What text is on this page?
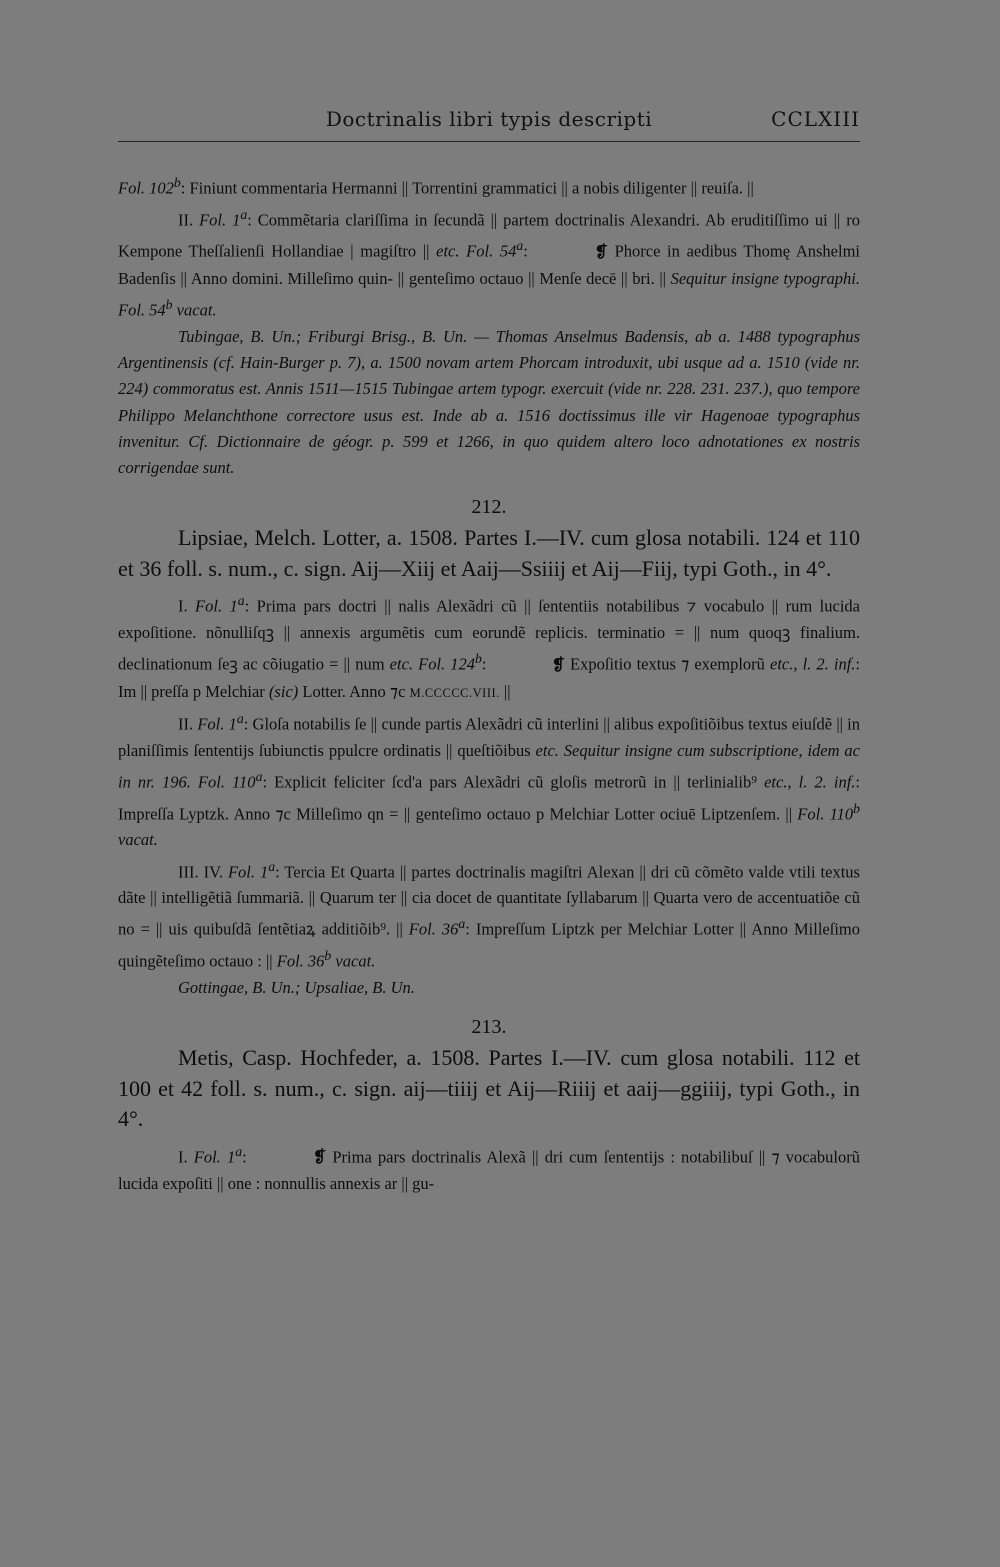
Doctrinalis libri typis descripti	CCLXIII

Fol. 102$^b$: Finiunt commentaria Hermanni || Torrentini grammatici || a nobis diligenter || reuiſa. ||

II. Fol. 1$^a$: Commẽtaria clariſſima in ſecundã || partem doctrinalis Alexandri. Ab eruditiſſimo ui || ro Kempone Theſſalienſi Hollandiae | magiſtro || etc. Fol. 54$^a$:	❡ Phorce in aedibus Thomę Anshelmi Badenſis || Anno domini. Milleſimo quin- || genteſimo octauo || Menſe decē || bri. || Sequitur insigne typographi. Fol. 54$^b$ vacat.

Tubingae, B. Un.; Friburgi Brisg., B. Un. — Thomas Anselmus Badensis, ab a. 1488 typographus Argentinensis (cf. Hain-Burger p. 7), a. 1500 novam artem Phorcam introduxit, ubi usque ad a. 1510 (vide nr. 224) commoratus est. Annis 1511—1515 Tubingae artem typogr. exercuit (vide nr. 228. 231. 237.), quo tempore Philippo Melanchthone correctore usus est. Inde ab a. 1516 doctissimus ille vir Hagenoae typographus invenitur. Cf. Dictionnaire de géogr. p. 599 et 1266, in quo quidem altero loco adnotationes ex nostris corrigendae sunt.

212.

Lipsiae, Melch. Lotter, a. 1508. Partes I.—IV. cum glosa notabili. 124 et 110 et 36 foll. s. num., c. sign. Aij—Xiij et Aaij—Ssiiij et Aij—Fiij, typi Goth., in 4°.

I. Fol. 1$^a$: Prima pars doctri || nalis Alexãdri cũ || ſententiis notabilibus ⁊ vocabulo || rum lucida expoſitione. nõnulliſqꝫ || annexis argumẽtis cum eorundẽ replicis. terminatio = || num quoqꝫ finalium. declinationum ſeꝫ ac cõiugatio = || num etc. Fol. 124$^b$:	❡ Expoſitio textus ⁊ exemplorũ etc., l. 2. inf.: Im || preſſa p Melchiar (sic) Lotter. Anno ⁊c M.CCCCC.VIII. ||

II. Fol. 1$^a$: Gloſa notabilis ſe || cunde partis Alexãdri cũ interlini || alibus expoſitiõibus textus eiuſdẽ || in planiſſimis ſententijs ſubiunctis ppulcre ordinatis || queſtiõibus etc. Sequitur insigne cum subscriptione, idem ac in nr. 196. Fol. 110$^a$: Explicit feliciter ſcd'a pars Alexãdri cũ gloſis metrorũ in || terlinialib⁹ etc., l. 2. inf.: Impreſſa Lyptzk. Anno ⁊c Milleſimo qn = || genteſimo octauo p Melchiar Lotter ociuē Liptzenſem. || Fol. 110$^b$ vacat.

III. IV. Fol. 1$^a$: Tercia Et Quarta || partes doctrinalis magiſtri Alexan || dri cũ cõmẽto valde vtili textus dãte || intelligẽtiã ſummariã. || Quarum ter || cia docet de quantitate ſyllabarum || Quarta vero de accentuatiõe cũ no = || uis quibuſdã ſentẽtiaꝝ additiõib⁹. || Fol. 36$^a$: Impreſſum Liptzk per Melchiar Lotter || Anno Milleſimo quingẽteſimo octauo : || Fol. 36$^b$ vacat.

Gottingae, B. Un.; Upsaliae, B. Un.

213.

Metis, Casp. Hochfeder, a. 1508. Partes I.—IV. cum glosa notabili. 112 et 100 et 42 foll. s. num., c. sign. aij—tiiij et Aij—Riiij et aaij—ggiiij, typi Goth., in 4°.

I. Fol. 1$^a$:	❡ Prima pars doctrinalis Alexã || dri cum ſententijs : notabilibuſ || ⁊ vocabulorũ lucida expoſiti || one : nonnullis annexis ar || gu-
